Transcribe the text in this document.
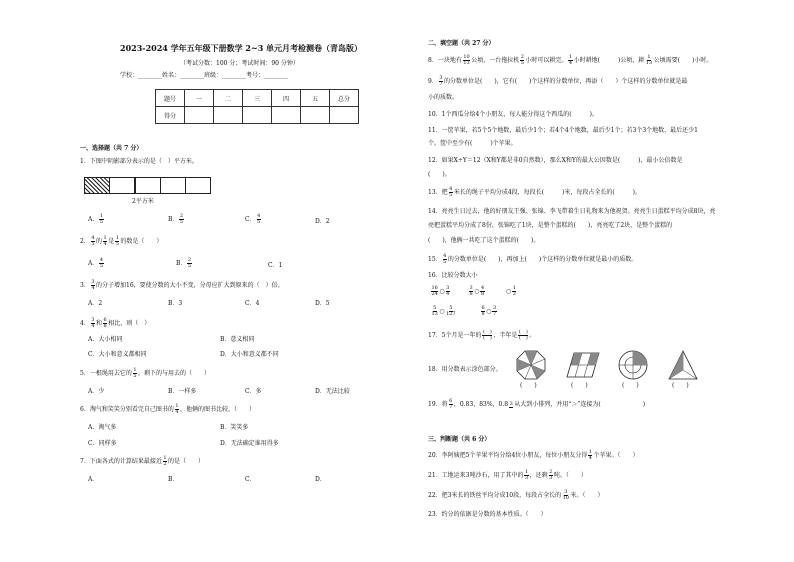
2023-2024 学年五年级下册数学 2~3 单元月考检测卷（青岛版）
（考试分数：100 分；考试时间：90 分钟）
学校：________姓名：________班级：________考号：________
题号	一	二	三	四	五	总分
得分						
一、选择题（共 7 分）
1．下图中阴影部分表示的是（　）平方米。
2平方米
A． $\frac{1}{5}$	B． $\frac{2}{5}$	C． $\frac{4}{5}$	D．2
2． $\frac{4}{5}$ 的 $\frac{1}{4}$ 是 $\frac{1}{5}$ 的数是（　　）
A． $\frac{4}{5}$	B． $\frac{2}{5}$	C．1
3． $\frac{3}{4}$ 的分子增加16，要使分数的大小不变，分母应扩大到原来的（　）倍。
A．2	B．3	C．4	D．5
4． $\frac{3}{4}$ 和 $\frac{6}{8}$ 相比，则（　）
A．大小相同	B．意义相同
C．大小和意义都相同	D．大小和意义都不同
5．一根绳用去它的 $\frac{1}{5}$ ，剩下的与用去的（　　）
A．少	B．一样多	C．多	D．无法比较
6．淘气和笑笑分别看完自己图书的 $\frac{1}{4}$ ，他俩的图书比较，（　　）
A．淘气多	B．笑笑多
C．同样多	D．无法确定谁用得多
7．下面各式的计算结果最接近 $\frac{1}{2}$ 的是（　　）
A．	B．	C．	D．
二、填空题（共 27 分）
8．一块地有 $\frac{10}{13}$ 公顷，一台拖拉机 $\frac{2}{5}$ 小时可以耕完。 $\frac{1}{4}$ 小时耕地(　　　)公顷，耕 $\frac{1}{13}$ 公顷需要(　　)小时。
9． $\frac{3}{7}$ 的分数单位是(　　)，它有(　　)个这样的分数单位，再添（　　）个这样的分数单位就是最
小的质数。
10．1个西瓜分给4个小朋友，每人能分得这个西瓜的(　　　)。
11．一筐苹果，若5个5个地数，最后少1个；若4个4个地数，最后少1个；若3个3个地数，最后还少1
个。筐中至少有(　　　)个苹果。
12．如果X÷Y＝12（X和Y都是非0自然数），那么X和Y的最大公因数是(　　　)，最小公倍数是
(　　)。
13．把 $\frac{4}{5}$ 米长的绳子平均分成4段，每段长(　　　)米，每段占全长的(　　　)。
14．亮亮生日过去，他的好朋友王强、张锦、李飞带着生日礼物来为他祝贺。亮亮生日蛋糕平均分成8块，亮
亮把蛋糕平均分成了8份，张锦吃了1块，是整个蛋糕的(　　)，亮亮吃了2块，是整个蛋糕的
(　　)，他俩一共吃了这个蛋糕的(　　)。
15． $\frac{4}{5}$ 的分数单位是(　　)，再加上(　　)个这样的分数单位就是最小的质数。
16．比较分数大小
$\frac{16}{24}$ ○ $\frac{3}{4}$	$\frac{3}{8}$ ○ $\frac{4}{8}$	○ $\frac{1}{2}$
$\frac{5}{13}$ ○ $\frac{5}{127}$	$\frac{6}{8}$ ○ $\frac{3}{7}$
17．5个月是一年的 $\frac{( )}{( )}$ ，半年是 $\frac{( )}{( )}$ 。
18．用分数表示涂色部分。
(　　)	(　　)	(　　)	(　　)
19．将 $\frac{6}{7}$ ，0.83，83%，0.8 3 从大到小排列，并用“＞”连接为(　　　　　　　)
三、判断题（共 6 分）
20．李阿姨把5个苹果平均分给4位小朋友，每位小朋友分得 $\frac{1}{4}$ 个苹果。（　　）
21．工地运来3吨沙石，用了其中的 $\frac{1}{3}$ ，还剩 $\frac{2}{3}$ 吨。（　　）
22．把3米长的铁丝平均分成10段，每段占全长的 $\frac{3}{10}$ 米。（　　）
23．约分的依据是分数的基本性质。（　　）
